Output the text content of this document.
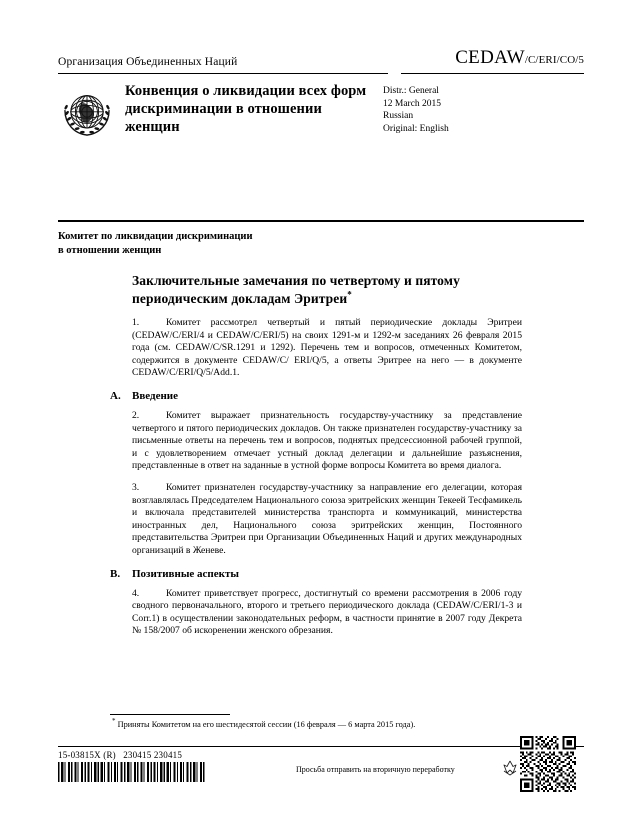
Организация Объединенных Наций	CEDAW/C/ERI/CO/5
Конвенция о ликвидации всех форм дискриминации в отношении женщин
Distr.: General
12 March 2015
Russian
Original: English
Комитет по ликвидации дискриминации
в отношении женщин
Заключительные замечания по четвертому и пятому периодическим докладам Эритреи*

1.	Комитет рассмотрел четвертый и пятый периодические доклады Эритреи (CEDAW/C/ERI/4 и CEDAW/C/ERI/5) на своих 1291-м и 1292-м заседаниях 26 февраля 2015 года (см. CEDAW/C/SR.1291 и 1292). Перечень тем и вопросов, отмеченных Комитетом, содержится в документе CEDAW/C/ ERI/Q/5, а ответы Эритрее на него — в документе CEDAW/C/ERI/Q/5/Add.1.

A.	Введение

2.	Комитет выражает признательность государству-участнику за представление четвертого и пятого периодических докладов. Он также признателен государству-участнику за письменные ответы на перечень тем и вопросов, поднятых предсессионной рабочей группой, и с удовлетворением отмечает устный доклад делегации и дальнейшие разъяснения, представленные в ответ на заданные в устной форме вопросы Комитета во время диалога.

3.	Комитет признателен государству-участнику за направление его делегации, которая возглавлялась Председателем Национального союза эритрейских женщин Текеей Тесфамикель и включала представителей министерства транспорта и коммуникаций, министерства иностранных дел, Национального союза эритрейских женщин, Постоянного представительства Эритреи при Организации Объединенных Наций и других международных организаций в Женеве.

B.	Позитивные аспекты

4.	Комитет приветствует прогресс, достигнутый со времени рассмотрения в 2006 году сводного первоначального, второго и третьего периодического доклада (CEDAW/C/ERI/1-3 и Corr.1) в осуществлении законодательных реформ, в частности принятие в 2007 году Декрета № 158/2007 об искоренении женского обрезания.

* Приняты Комитетом на его шестидесятой сессии (16 февраля — 6 марта 2015 года).
15-03815X (R) 230415 230415
Просьба отправить на вторичную переработку
